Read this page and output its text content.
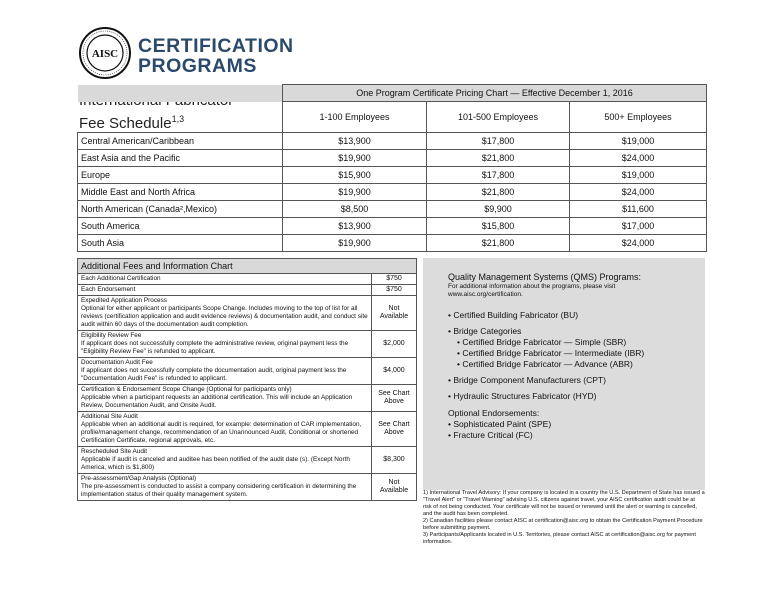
AISC CERTIFICATION
PROGRAMS
Fee Schedule$^{1,3}$
	One Program Certificate Pricing Chart — Effective December 1, 2016		
	1-100 Employees	101-500 Employees	500+ Employees
Central American/Caribbean	$13,900	$17,800	$19,000
East Asia and the Pacific	$19,900	$21,800	$24,000
Europe	$15,900	$17,800	$19,000
Middle East and North Africa	$19,900	$21,800	$24,000
North American (Canada²,Mexico)	$8,500	$9,900	$11,600
South America	$13,900	$15,800	$17,000
South Asia	$19,900	$21,800	$24,000
Additional Fees and Information Chart
Each Additional Certification	$750

Each Endorsement	$750

Expedited Application Process
Optional for either applicant or participants Scope Change. Includes moving to the top of list for all reviews (certification application and audit evidence reviews) & documentation audit, and conduct site audit within 60 days of the documentation audit completion.	Not Available

Eligibility Review Fee
If applicant does not successfully complete the administrative review, original payment less the "Eligibility Review Fee" is refunded to applicant.	$2,000

Documentation Audit Fee
If applicant does not successfully complete the documentation audit, original payment less the "Documentation Audit Fee" is refunded to applicant.	$4,000

Certification & Endorsement Scope Change (Optional for participants only)
Applicable when a participant requests an additional certification. This will include an Application Review, Documentation Audit, and Onsite Audit.	See Chart Above

Additional Site Audit
Applicable when an additional audit is required, for example: determination of CAR implementation, profile/management change, recommendation of an Unannounced Audit, Conditional or shortened Certification Certificate, regional approvals, etc.	See Chart Above

Rescheduled Site Audit
Applicable if audit is canceled and auditee has been notified of the audit date (s). (Except North America, which is $1,800)	$8,300

Pre-assessment/Gap Analysis (Optional)
The pre-assessment is conducted to assist a company considering certification in determining the implementation status of their quality management system.	Not Available
Quality Management Systems (QMS) Programs:
For additional information about the programs, please visit www.aisc.org/certification.
• Certified Building Fabricator (BU)
• Bridge Categories
• Certified Bridge Fabricator — Simple (SBR)
• Certified Bridge Fabricator — Intermediate (IBR)
• Certified Bridge Fabricator — Advance (ABR)
• Bridge Component Manufacturers (CPT)
• Hydraulic Structures Fabricator (HYD)
Optional Endorsements:
• Sophisticated Paint (SPE)
• Fracture Critical (FC)
1) International Travel Advisory: If your company is located in a country the U.S. Department of State has issued a "Travel Alert" or "Travel Warning" advising U.S. citizens against travel, your AISC certification audit could be at risk of not being conducted. Your certificate will not be issued or renewed until the alert or warning is cancelled, and the audit has been completed.
2) Canadian facilities please contact AISC at certification@aisc.org to obtain the Certification Payment Procedure before submitting payment.
3) Participants/Applicants located in U.S. Territories, please contact AISC at certification@aisc.org for payment information.
